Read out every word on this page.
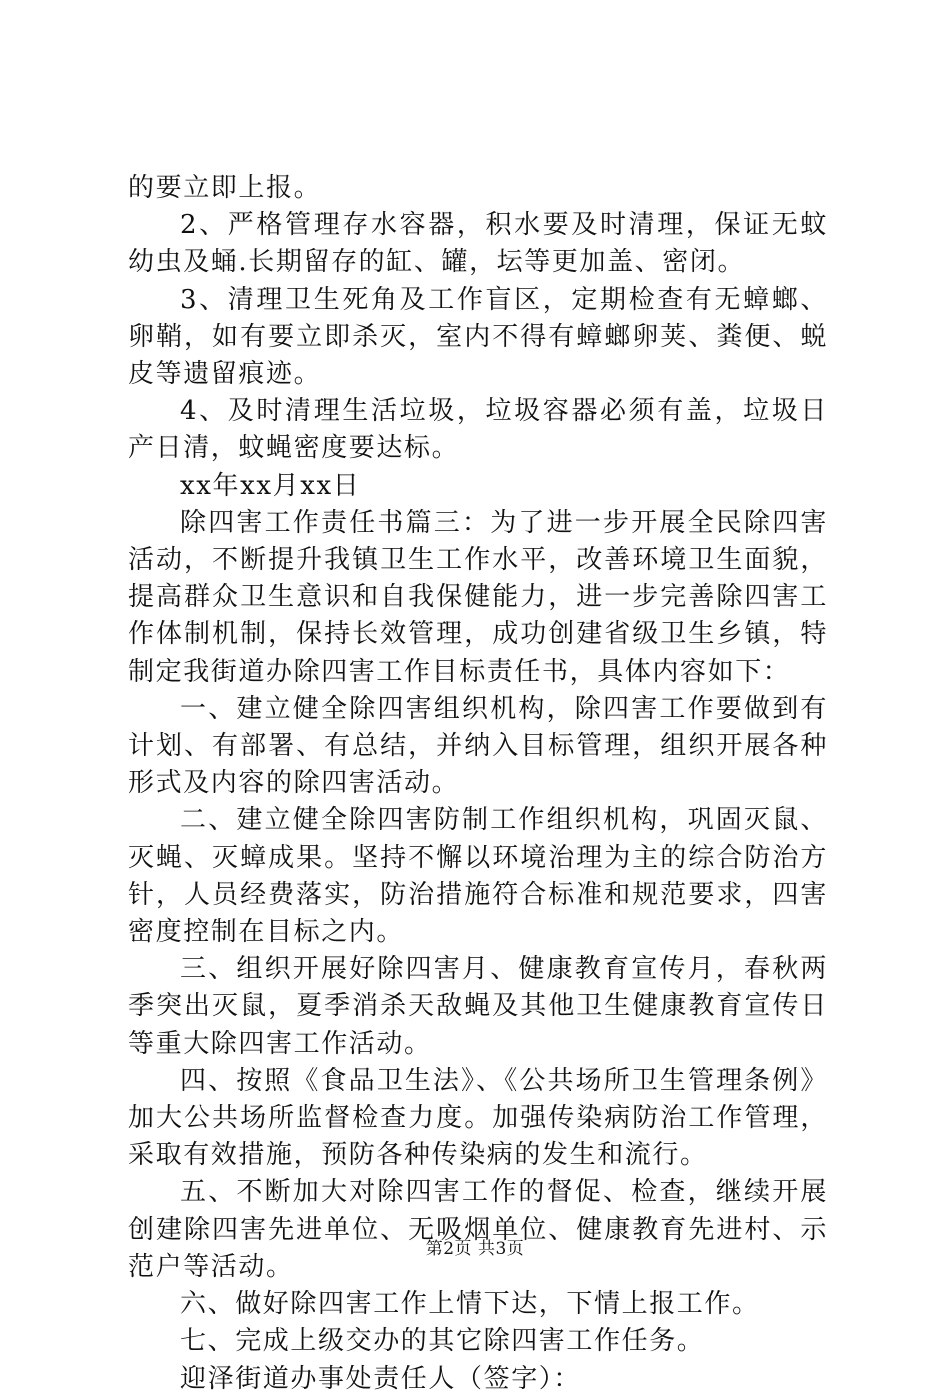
的要立即上报。

2、严格管理存水容器，积水要及时清理，保证无蚊幼虫及蛹.长期留存的缸、罐，坛等更加盖、密闭。

3、清理卫生死角及工作盲区，定期检查有无蟑螂、卵鞘，如有要立即杀灭，室内不得有蟑螂卵荚、粪便、蜕皮等遗留痕迹。

4、及时清理生活垃圾，垃圾容器必须有盖，垃圾日产日清，蚊蝇密度要达标。

xx年xx月xx日

除四害工作责任书篇三：为了进一步开展全民除四害活动，不断提升我镇卫生工作水平，改善环境卫生面貌，提高群众卫生意识和自我保健能力，进一步完善除四害工作体制机制，保持长效管理，成功创建省级卫生乡镇，特制定我街道办除四害工作目标责任书，具体内容如下：

一、建立健全除四害组织机构，除四害工作要做到有计划、有部署、有总结，并纳入目标管理，组织开展各种形式及内容的除四害活动。

二、建立健全除四害防制工作组织机构，巩固灭鼠、灭蝇、灭蟑成果。坚持不懈以环境治理为主的综合防治方针，人员经费落实，防治措施符合标准和规范要求，四害密度控制在目标之内。

三、组织开展好除四害月、健康教育宣传月，春秋两季突出灭鼠，夏季消杀天敌蝇及其他卫生健康教育宣传日等重大除四害工作活动。

四、按照《食品卫生法》、《公共场所卫生管理条例》加大公共场所监督检查力度。加强传染病防治工作管理，采取有效措施，预防各种传染病的发生和流行。

五、不断加大对除四害工作的督促、检查，继续开展创建除四害先进单位、无吸烟单位、健康教育先进村、示范户等活动。

六、做好除四害工作上情下达，下情上报工作。

七、完成上级交办的其它除四害工作任务。

迎泽街道办事处责任人（签字）：

第2页 共3页
